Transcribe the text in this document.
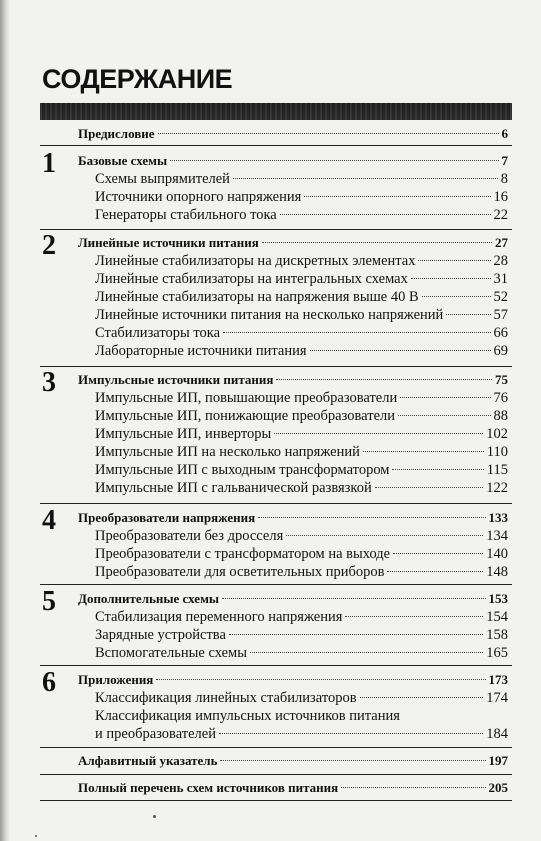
СОДЕРЖАНИЕ
Предисловие	6
1 Базовые схемы	7
Схемы выпрямителей	8
Источники опорного напряжения	16
Генераторы стабильного тока	22
2 Линейные источники питания	27
Линейные стабилизаторы на дискретных элементах	28
Линейные стабилизаторы на интегральных схемах	31
Линейные стабилизаторы на напряжения выше 40 В	52
Линейные источники питания на несколько напряжений	57
Стабилизаторы тока	66
Лабораторные источники питания	69
3 Импульсные источники питания	75
Импульсные ИП, повышающие преобразователи	76
Импульсные ИП, понижающие преобразователи	88
Импульсные ИП, инверторы	102
Импульсные ИП на несколько напряжений	110
Импульсные ИП с выходным трансформатором	115
Импульсные ИП с гальванической развязкой	122
4 Преобразователи напряжения	133
Преобразователи без дросселя	134
Преобразователи с трансформатором на выходе	140
Преобразователи для осветительных приборов	148
5 Дополнительные схемы	153
Стабилизация переменного напряжения	154
Зарядные устройства	158
Вспомогательные схемы	165
6 Приложения	173
Классификация линейных стабилизаторов	174
Классификация импульсных источников питания
и преобразователей	184
Алфавитный указатель	197
Полный перечень схем источников питания	205
